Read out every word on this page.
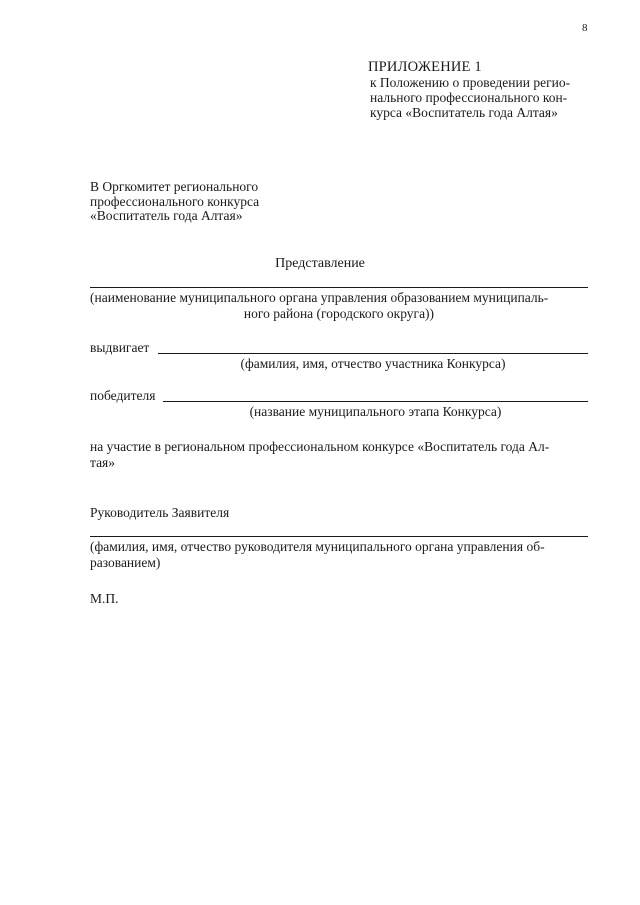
8
ПРИЛОЖЕНИЕ 1
к Положению о проведении регио-
нального профессионального кон-
курса «Воспитатель года Алтая»
В Оргкомитет регионального
профессионального конкурса
«Воспитатель года Алтая»
Представление
(наименование муниципального органа управления образованием муниципаль-
ного района (городского округа))
выдвигает
(фамилия, имя, отчество участника Конкурса)
победителя
(название муниципального этапа Конкурса)
на участие в региональном профессиональном конкурсе «Воспитатель года Ал-
тая»
Руководитель Заявителя
(фамилия, имя, отчество руководителя муниципального органа управления об-
разованием)
М.П.
